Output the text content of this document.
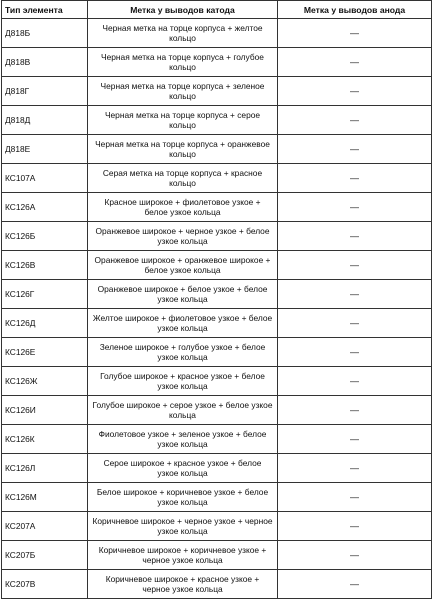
Тип элемента	Метка у выводов катода	Метка у выводов анода
Д818Б	Черная метка на торце корпуса + желтое кольцо	—
Д818В	Черная метка на торце корпуса + голубое кольцо	—
Д818Г	Черная метка на торце корпуса + зеленое кольцо	—
Д818Д	Черная метка на торце корпуса + серое кольцо	—
Д818Е	Черная метка на торце корпуса + оранжевое кольцо	—
КС107А	Серая метка на торце корпуса + красное кольцо	—
КС126А	Красное широкое + фиолетовое узкое + белое узкое кольца	—
КС126Б	Оранжевое широкое + черное узкое + белое узкое кольца	—
КС126В	Оранжевое широкое + оранжевое широкое + белое узкое кольца	—
КС126Г	Оранжевое широкое + белое узкое + белое узкое кольца	—
КС126Д	Желтое широкое + фиолетовое узкое + белое узкое кольца	—
КС126Е	Зеленое широкое + голубое узкое + белое узкое кольца	—
КС126Ж	Голубое широкое + красное узкое + белое узкое кольца	—
КС126И	Голубое широкое + серое узкое + белое узкое кольца	—
КС126К	Фиолетовое узкое + зеленое узкое + белое узкое кольца	—
КС126Л	Серое широкое + красное узкое + белое узкое кольца	—
КС126М	Белое широкое + коричневое узкое + белое узкое кольца	—
КС207А	Коричневое широкое + черное узкое + черное узкое кольца	—
КС207Б	Коричневое широкое + коричневое узкое + черное узкое кольца	—
КС207В	Коричневое широкое + красное узкое + черное узкое кольца	—
